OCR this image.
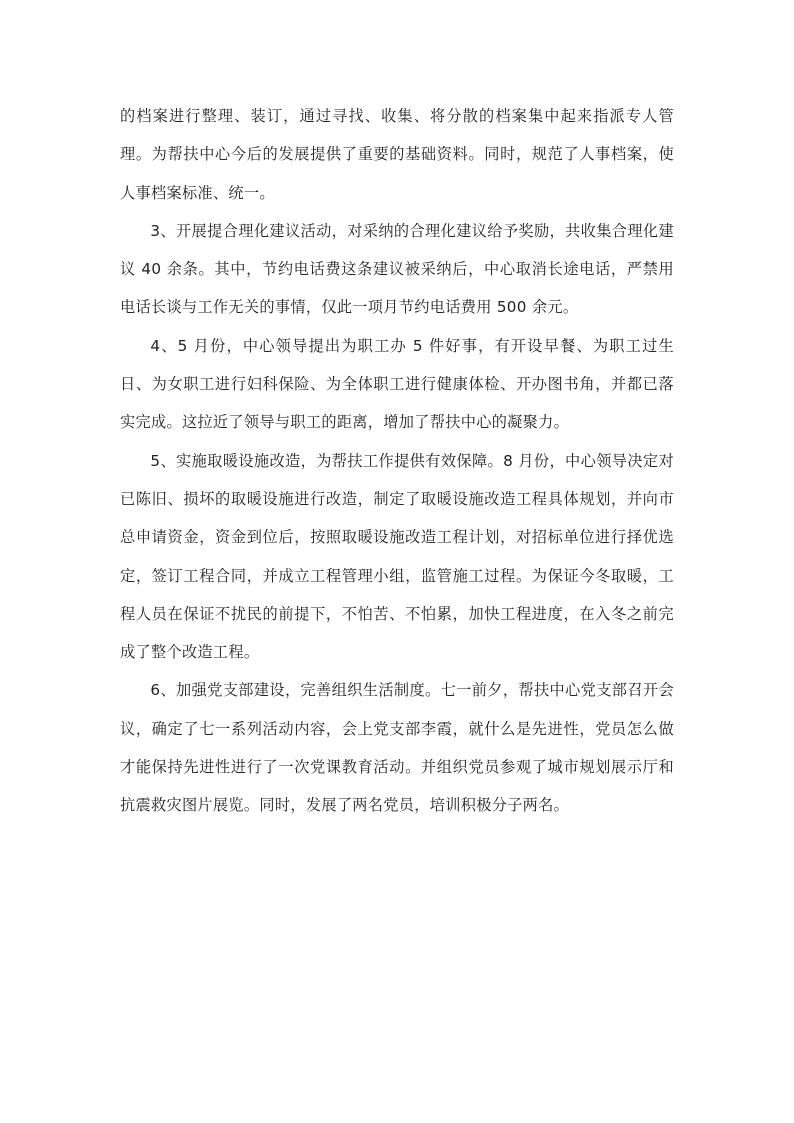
的档案进行整理、装订，通过寻找、收集、将分散的档案集中起来指派专人管理。为帮扶中心今后的发展提供了重要的基础资料。同时，规范了人事档案，使人事档案标准、统一。

3、开展提合理化建议活动，对采纳的合理化建议给予奖励，共收集合理化建议 40 余条。其中，节约电话费这条建议被采纳后，中心取消长途电话，严禁用电话长谈与工作无关的事情，仅此一项月节约电话费用 500 余元。

4、5 月份，中心领导提出为职工办 5 件好事，有开设早餐、为职工过生日、为女职工进行妇科保险、为全体职工进行健康体检、开办图书角，并都已落实完成。这拉近了领导与职工的距离，增加了帮扶中心的凝聚力。

5、实施取暖设施改造，为帮扶工作提供有效保障。8 月份，中心领导决定对已陈旧、损坏的取暖设施进行改造，制定了取暖设施改造工程具体规划，并向市总申请资金，资金到位后，按照取暖设施改造工程计划，对招标单位进行择优选定，签订工程合同，并成立工程管理小组，监管施工过程。为保证今冬取暖，工程人员在保证不扰民的前提下，不怕苦、不怕累，加快工程进度，在入冬之前完成了整个改造工程。

6、加强党支部建设，完善组织生活制度。七一前夕，帮扶中心党支部召开会议，确定了七一系列活动内容，会上党支部李霞，就什么是先进性，党员怎么做才能保持先进性进行了一次党课教育活动。并组织党员参观了城市规划展示厅和抗震救灾图片展览。同时，发展了两名党员，培训积极分子两名。
